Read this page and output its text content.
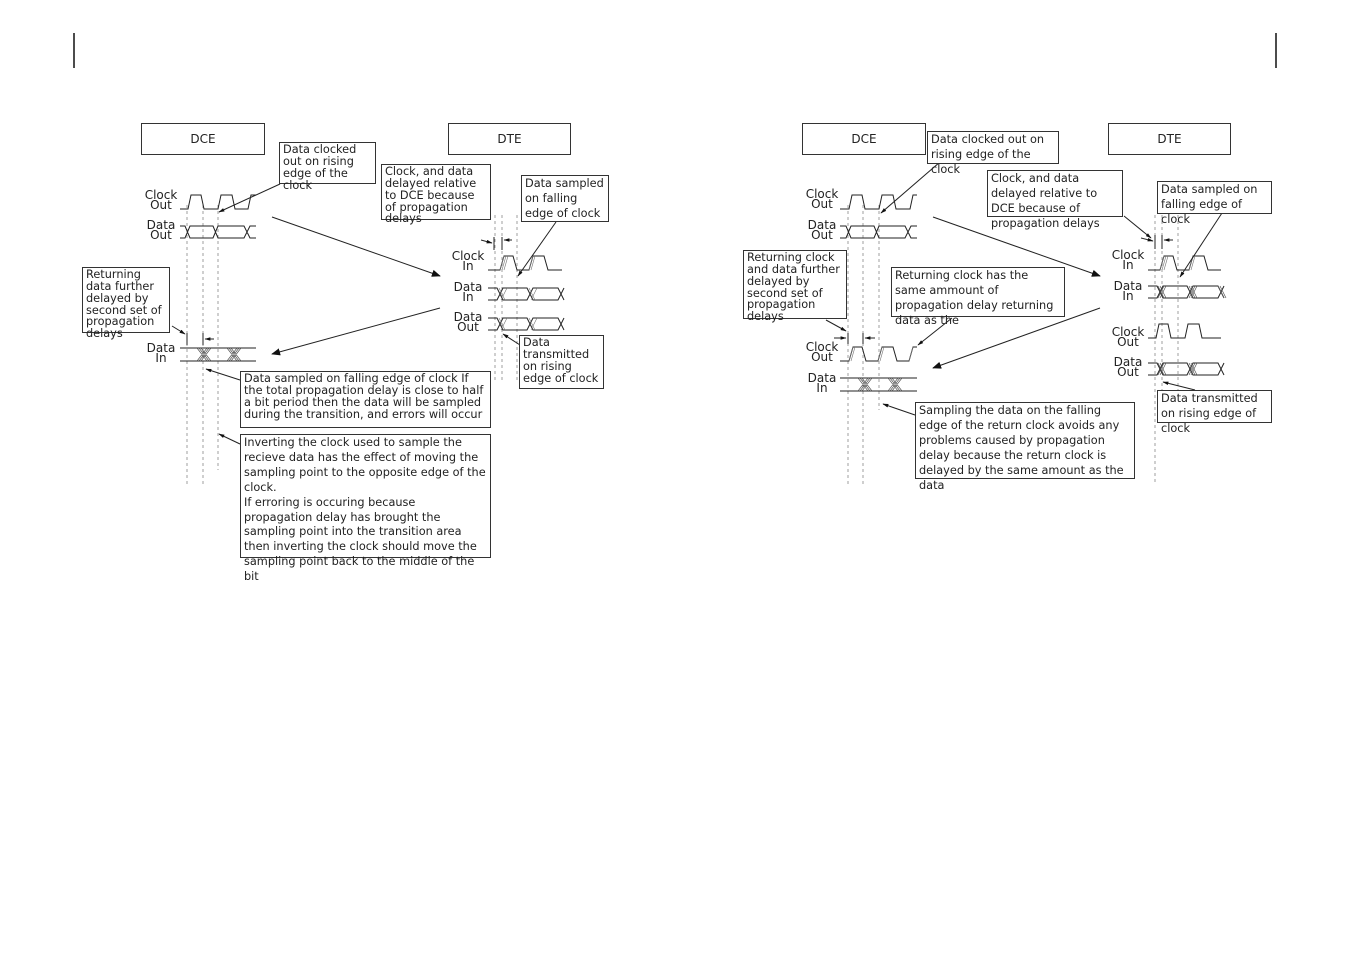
DCE	DTE
Clock
Out
Data
Out
Data
In
Clock
In
Data
In
Data
Out
Data clocked out on rising edge of the clock
Clock, and data delayed relative to DCE because of propagation delays
Data sampled on falling edge of clock
Returning data further delayed by second set of propagation delays
Data transmitted on rising edge of clock
Data sampled on falling edge of clock If the total propagation delay is close to half a bit period then the data will be sampled during the transition, and errors will occur
Inverting the clock used to sample the recieve data has the effect of moving the sampling point to the opposite edge of the clock.
If erroring is occuring because propagation delay has brought the sampling point into the transition area then inverting the clock should move the sampling point back to the middle of the bit
DCE	DTE
Clock
Out
Data
Out
Clock
Out
Data
In
Clock
In
Data
In
Clock
Out
Data
Out
Data clocked out on rising edge of the clock
Clock, and data delayed relative to DCE because of propagation delays
Data sampled on falling edge of clock
Returning clock and data further delayed by second set of propagation delays
Returning clock has the same ammount of propagation delay returning data as the
Data transmitted on rising edge of clock
Sampling the data on the falling edge of the return clock avoids any problems caused by propagation delay because the return clock is delayed by the same amount as the data
